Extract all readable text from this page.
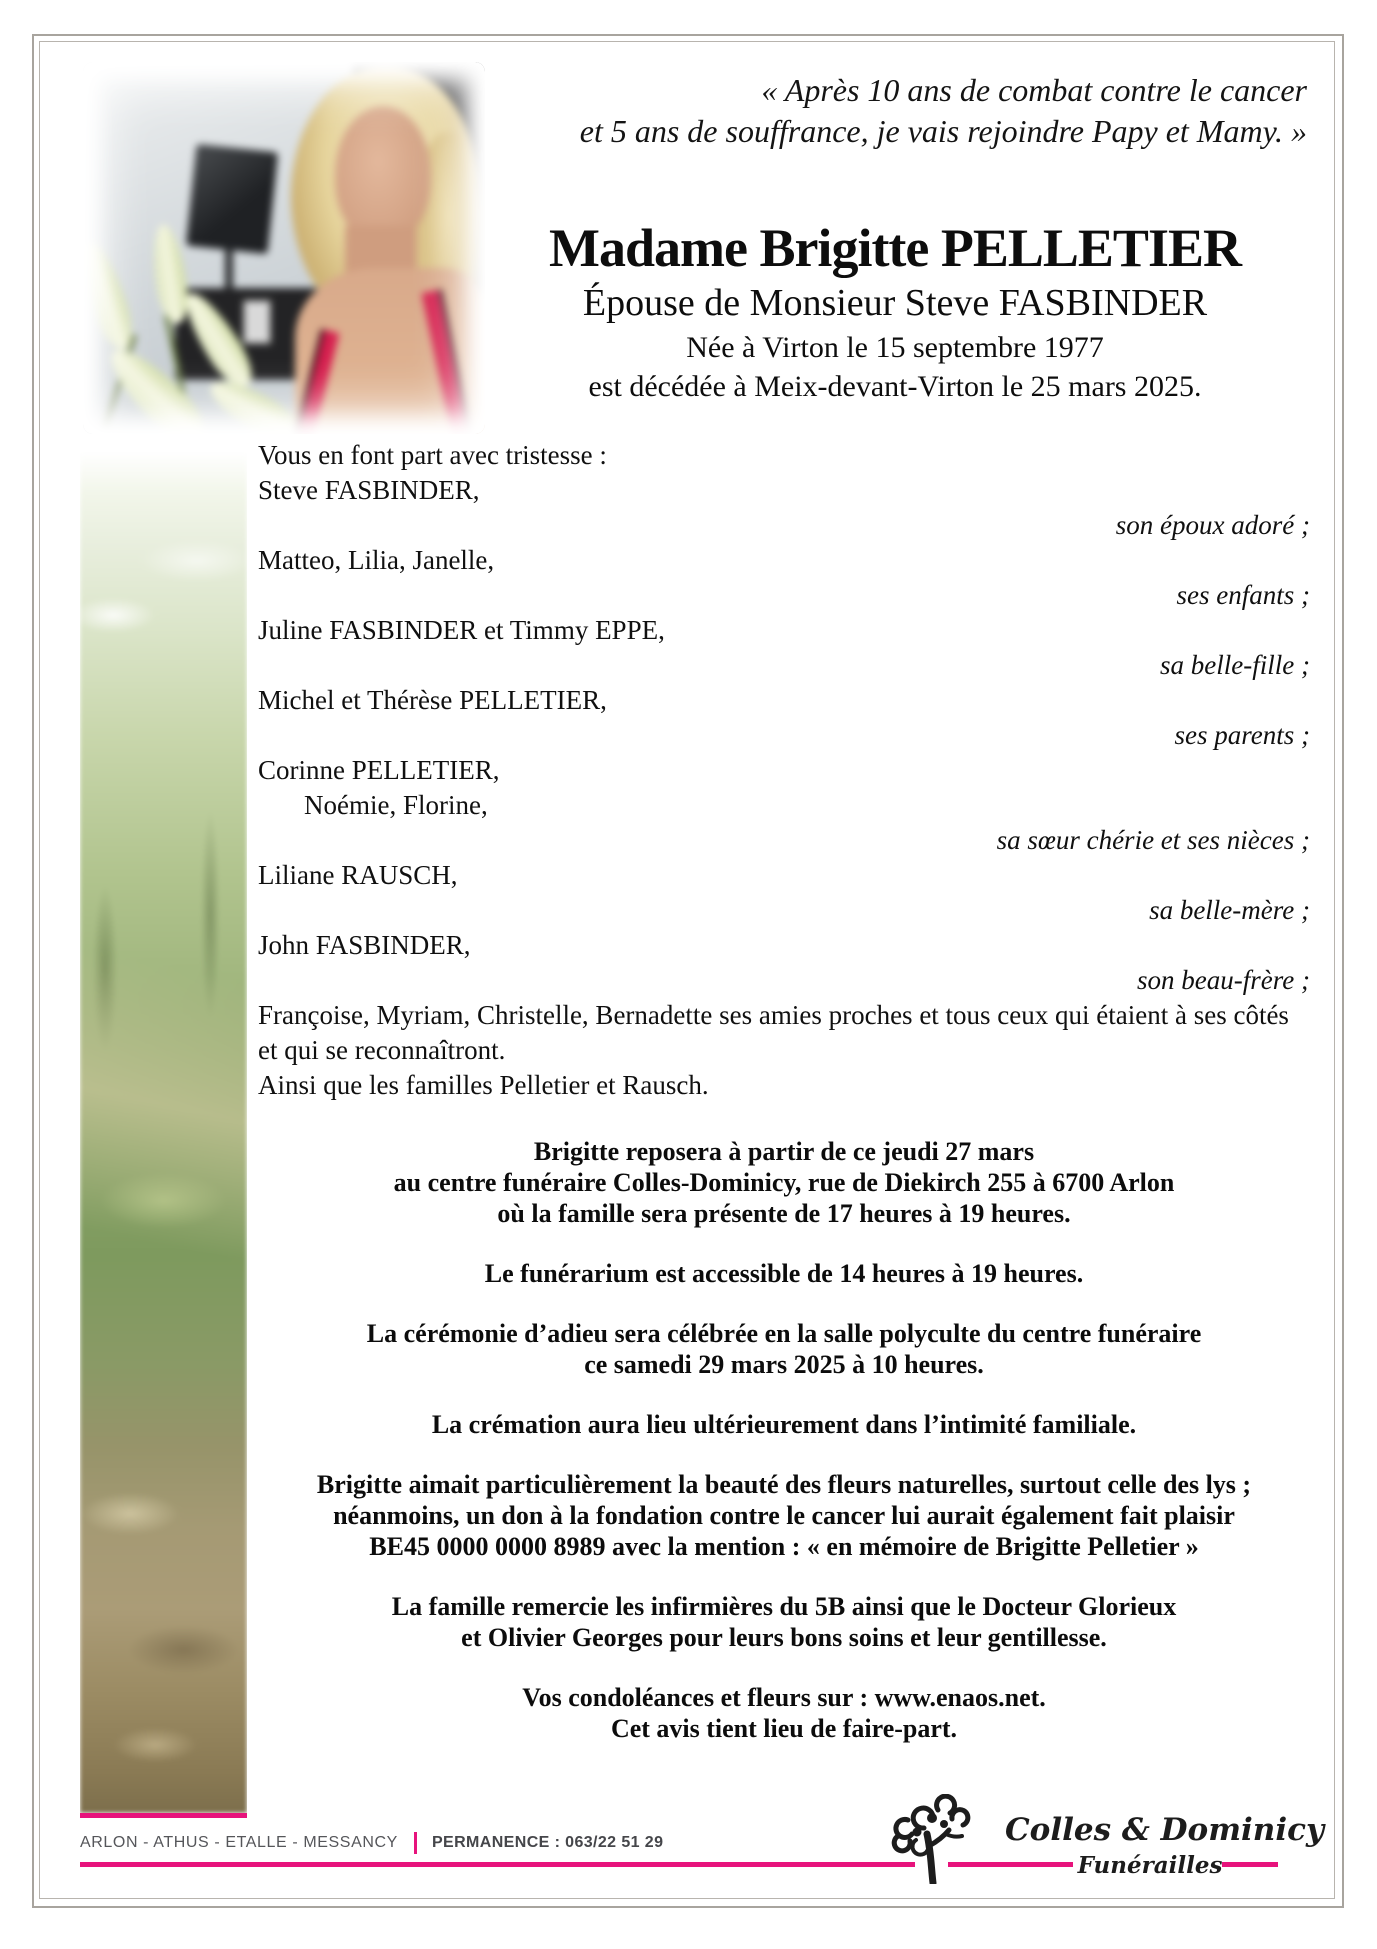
« Après 10 ans de combat contre le cancer
et 5 ans de souffrance, je vais rejoindre Papy et Mamy. »
Madame Brigitte PELLETIER
Épouse de Monsieur Steve FASBINDER
Née à Virton le 15 septembre 1977
est décédée à Meix-devant-Virton le 25 mars 2025.
Vous en font part avec tristesse :
Steve FASBINDER,
son époux adoré ;
Matteo, Lilia, Janelle,
ses enfants ;
Juline FASBINDER et Timmy EPPE,
sa belle-fille ;
Michel et Thérèse PELLETIER,
ses parents ;
Corinne PELLETIER,
Noémie, Florine,
sa sœur chérie et ses nièces ;
Liliane RAUSCH,
sa belle-mère ;
John FASBINDER,
son beau-frère ;
Françoise, Myriam, Christelle, Bernadette ses amies proches et tous ceux qui étaient à ses côtés et qui se reconnaîtront.
Ainsi que les familles Pelletier et Rausch.
Brigitte reposera à partir de ce jeudi 27 mars
au centre funéraire Colles-Dominicy, rue de Diekirch 255 à 6700 Arlon
où la famille sera présente de 17 heures à 19 heures.
Le funérarium est accessible de 14 heures à 19 heures.
La cérémonie d’adieu sera célébrée en la salle polyculte du centre funéraire
ce samedi 29 mars 2025 à 10 heures.
La crémation aura lieu ultérieurement dans l’intimité familiale.
Brigitte aimait particulièrement la beauté des fleurs naturelles, surtout celle des lys ;
néanmoins, un don à la fondation contre le cancer lui aurait également fait plaisir
BE45 0000 0000 8989 avec la mention : « en mémoire de Brigitte Pelletier »
La famille remercie les infirmières du 5B ainsi que le Docteur Glorieux
et Olivier Georges pour leurs bons soins et leur gentillesse.
Vos condoléances et fleurs sur : www.enaos.net.
Cet avis tient lieu de faire-part.
ARLON - ATHUS - ETALLE - MESSANCY PERMANENCE : 063/22 51 29	Colles & Dominicy
Funérailles
